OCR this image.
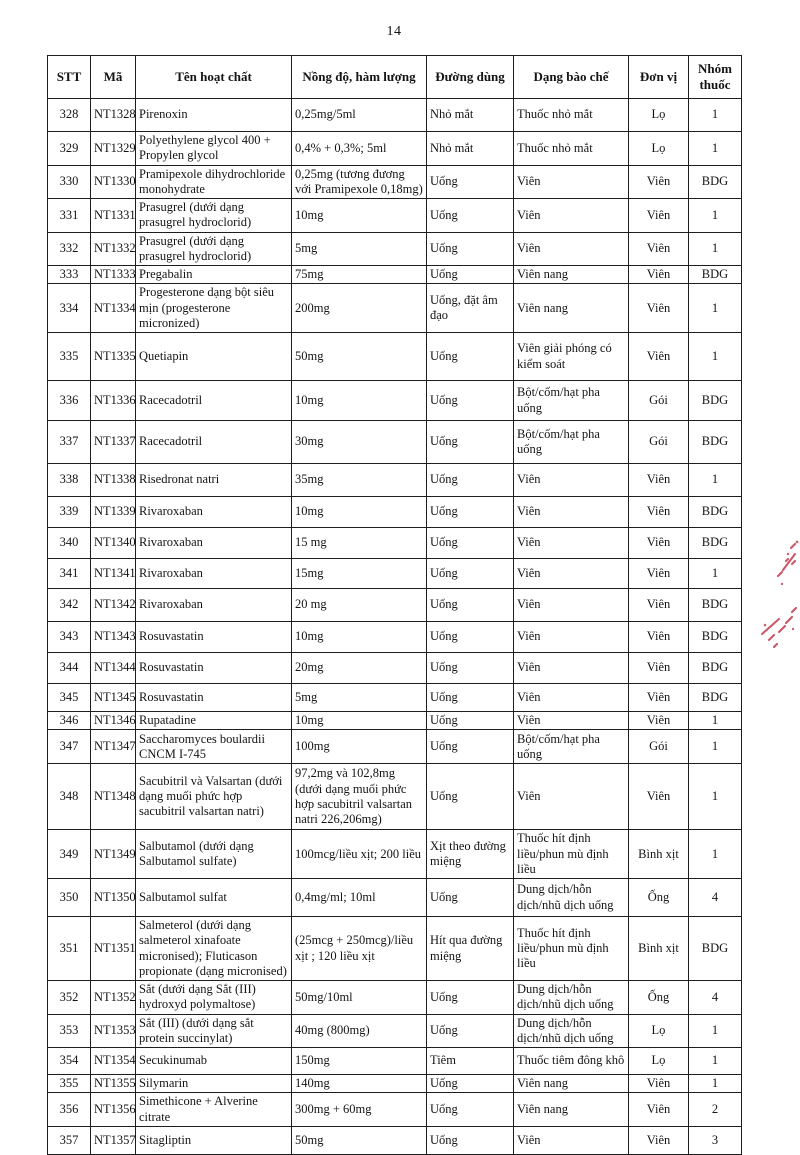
14
STT	Mã	Tên hoạt chất	Nồng độ, hàm lượng	Đường dùng	Dạng bào chế	Đơn vị	Nhóm thuốc
328	NT1328	Pirenoxin	0,25mg/5ml	Nhỏ mắt	Thuốc nhỏ mắt	Lọ	1
329	NT1329	Polyethylene glycol 400 + Propylen glycol	0,4% + 0,3%; 5ml	Nhỏ mắt	Thuốc nhỏ mắt	Lọ	1
330	NT1330	Pramipexole dihydrochloride monohydrate	0,25mg (tương đương với Pramipexole 0,18mg)	Uống	Viên	Viên	BDG
331	NT1331	Prasugrel (dưới dạng prasugrel hydroclorid)	10mg	Uống	Viên	Viên	1
332	NT1332	Prasugrel (dưới dạng prasugrel hydroclorid)	5mg	Uống	Viên	Viên	1
333	NT1333	Pregabalin	75mg	Uống	Viên nang	Viên	BDG
334	NT1334	Progesterone dạng bột siêu mịn (progesterone micronized)	200mg	Uống, đặt âm đạo	Viên nang	Viên	1
335	NT1335	Quetiapin	50mg	Uống	Viên giải phóng có kiểm soát	Viên	1
336	NT1336	Racecadotril	10mg	Uống	Bột/cốm/hạt pha uống	Gói	BDG
337	NT1337	Racecadotril	30mg	Uống	Bột/cốm/hạt pha uống	Gói	BDG
338	NT1338	Risedronat natri	35mg	Uống	Viên	Viên	1
339	NT1339	Rivaroxaban	10mg	Uống	Viên	Viên	BDG
340	NT1340	Rivaroxaban	15 mg	Uống	Viên	Viên	BDG
341	NT1341	Rivaroxaban	15mg	Uống	Viên	Viên	1
342	NT1342	Rivaroxaban	20 mg	Uống	Viên	Viên	BDG
343	NT1343	Rosuvastatin	10mg	Uống	Viên	Viên	BDG
344	NT1344	Rosuvastatin	20mg	Uống	Viên	Viên	BDG
345	NT1345	Rosuvastatin	5mg	Uống	Viên	Viên	BDG
346	NT1346	Rupatadine	10mg	Uống	Viên	Viên	1
347	NT1347	Saccharomyces boulardii CNCM I-745	100mg	Uống	Bột/cốm/hạt pha uống	Gói	1
348	NT1348	Sacubitril và Valsartan (dưới dạng muối phức hợp sacubitril valsartan natri)	97,2mg và 102,8mg (dưới dạng muối phức hợp sacubitril valsartan natri 226,206mg)	Uống	Viên	Viên	1
349	NT1349	Salbutamol (dưới dạng Salbutamol sulfate)	100mcg/liều xịt; 200 liều	Xịt theo đường miệng	Thuốc hít định liều/phun mù định liều	Bình xịt	1
350	NT1350	Salbutamol sulfat	0,4mg/ml; 10ml	Uống	Dung dịch/hỗn dịch/nhũ dịch uống	Ống	4
351	NT1351	Salmeterol (dưới dạng salmeterol xinafoate micronised); Fluticason propionate (dạng micronised)	(25mcg + 250mcg)/liều xịt ; 120 liều xịt	Hít qua đường miệng	Thuốc hít định liều/phun mù định liều	Bình xịt	BDG
352	NT1352	Sắt (dưới dạng Sắt (III) hydroxyd polymaltose)	50mg/10ml	Uống	Dung dịch/hỗn dịch/nhũ dịch uống	Ống	4
353	NT1353	Sắt (III) (dưới dạng sắt protein succinylat)	40mg (800mg)	Uống	Dung dịch/hỗn dịch/nhũ dịch uống	Lọ	1
354	NT1354	Secukinumab	150mg	Tiêm	Thuốc tiêm đông khô	Lọ	1
355	NT1355	Silymarin	140mg	Uống	Viên nang	Viên	1
356	NT1356	Simethicone + Alverine citrate	300mg + 60mg	Uống	Viên nang	Viên	2
357	NT1357	Sitagliptin	50mg	Uống	Viên	Viên	3
